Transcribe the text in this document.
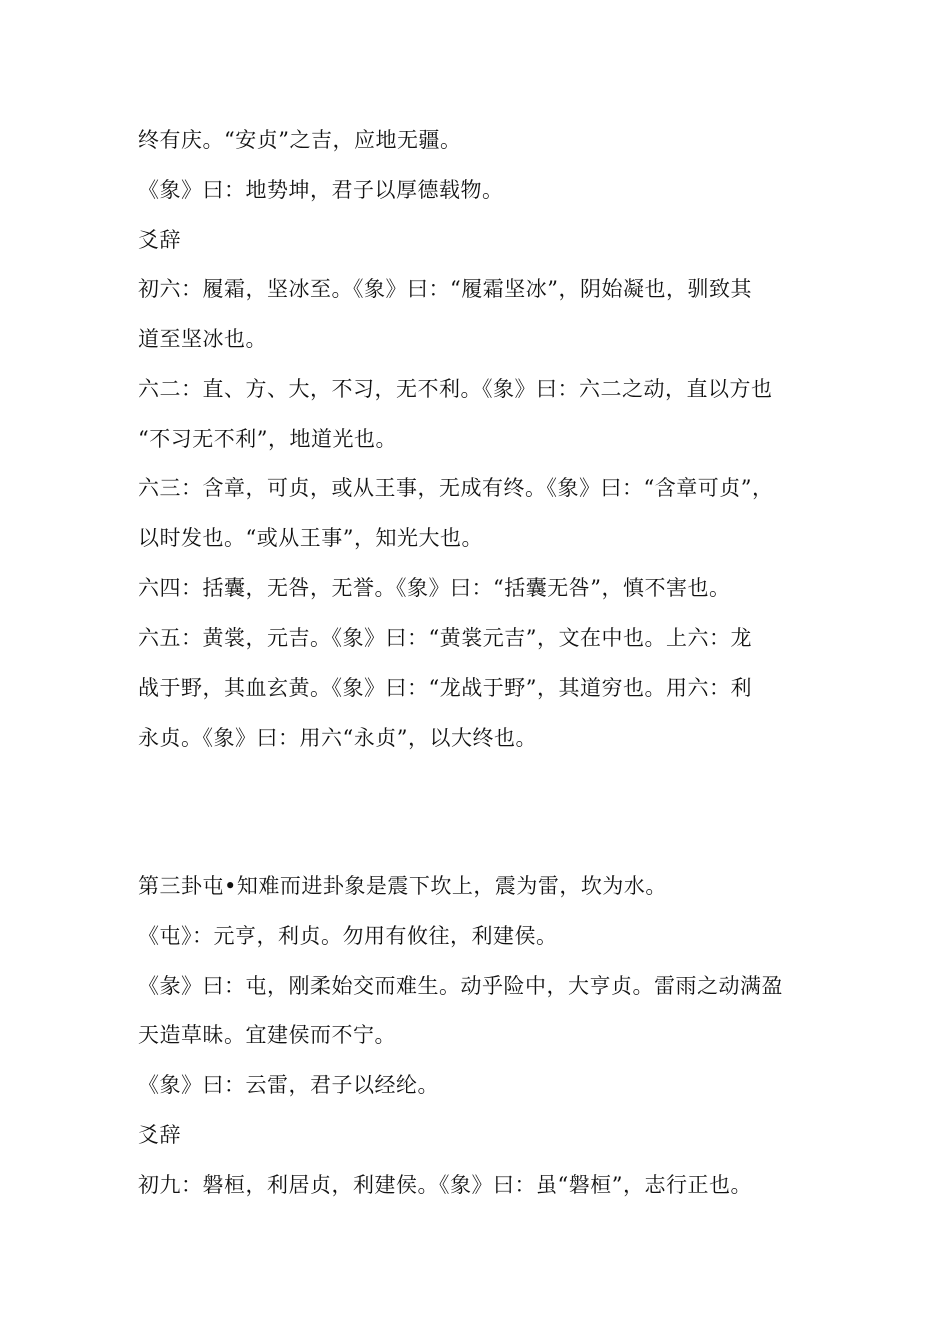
终有庆。“安贞”之吉，应地无疆。
《象》曰：地势坤，君子以厚德载物。
爻辞
初六：履霜，坚冰至。《象》曰：“履霜坚冰”，阴始凝也，驯致其
道至坚冰也。
六二：直、方、大，不习，无不利。《象》曰：六二之动，直以方也
“不习无不利”，地道光也。
六三：含章，可贞，或从王事，无成有终。《象》曰：“含章可贞”，
以时发也。“或从王事”，知光大也。
六四：括囊，无咎，无誉。《象》曰：“括囊无咎”，慎不害也。
六五：黄裳，元吉。《象》曰：“黄裳元吉”，文在中也。上六：龙
战于野，其血玄黄。《象》曰：“龙战于野”，其道穷也。用六：利
永贞。《象》曰：用六“永贞”，以大终也。
第三卦屯•知难而进卦象是震下坎上，震为雷，坎为水。
《屯》：元亨，利贞。勿用有攸往，利建侯。
《彖》曰：屯，刚柔始交而难生。动乎险中，大亨贞。雷雨之动满盈
天造草昧。宜建侯而不宁。
《象》曰：云雷，君子以经纶。
爻辞
初九：磐桓，利居贞，利建侯。《象》曰：虽“磐桓”，志行正也。
